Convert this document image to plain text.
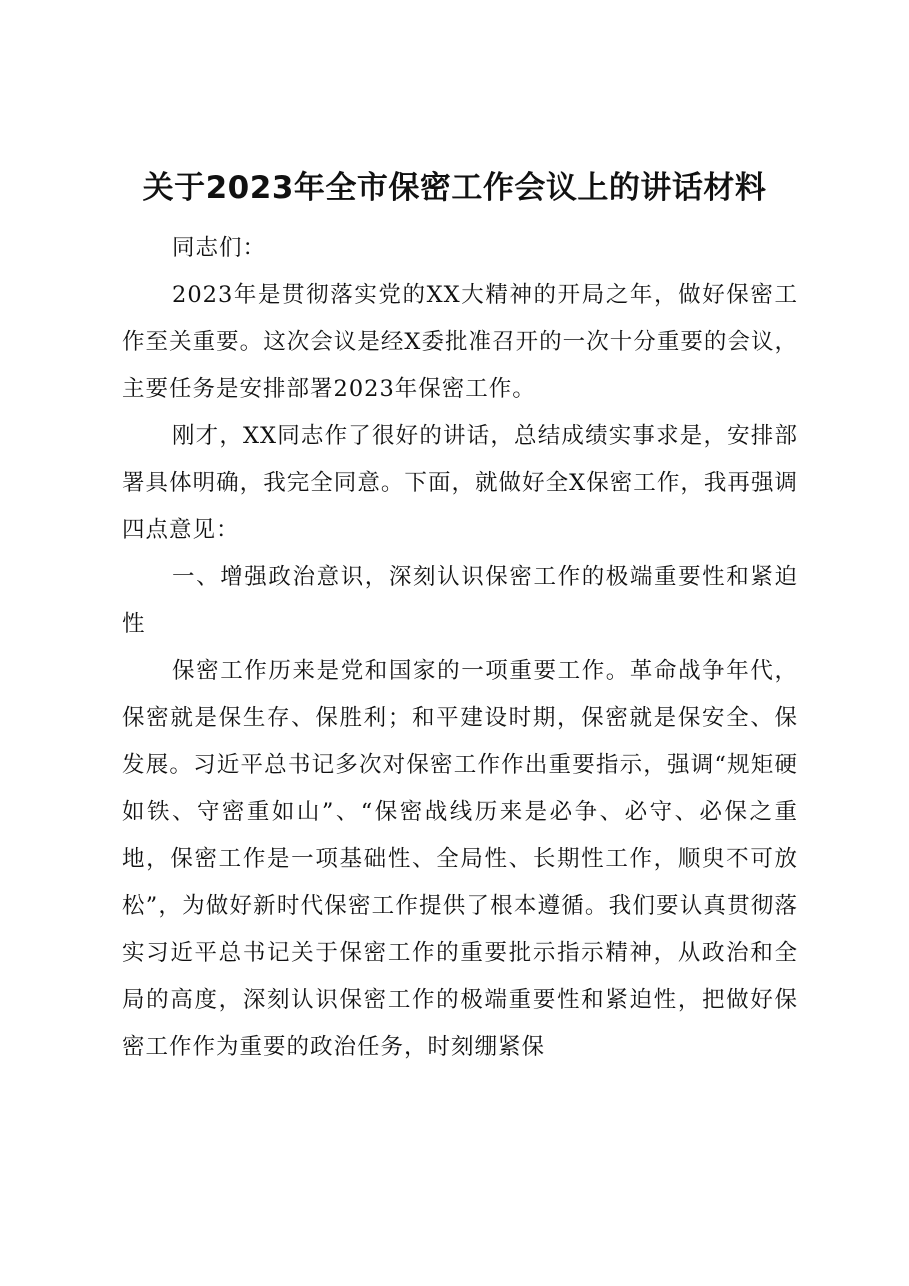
关于2023年全市保密工作会议上的讲话材料

同志们：

2023年是贯彻落实党的XX大精神的开局之年，做好保密工作至关重要。这次会议是经X委批准召开的一次十分重要的会议，主要任务是安排部署2023年保密工作。

刚才，XX同志作了很好的讲话，总结成绩实事求是，安排部署具体明确，我完全同意。下面，就做好全X保密工作，我再强调四点意见：

一、增强政治意识，深刻认识保密工作的极端重要性和紧迫性

保密工作历来是党和国家的一项重要工作。革命战争年代，保密就是保生存、保胜利；和平建设时期，保密就是保安全、保发展。习近平总书记多次对保密工作作出重要指示，强调“规矩硬如铁、守密重如山”、“保密战线历来是必争、必守、必保之重地，保密工作是一项基础性、全局性、长期性工作，顺臾不可放松”，为做好新时代保密工作提供了根本遵循。我们要认真贯彻落实习近平总书记关于保密工作的重要批示指示精神，从政治和全局的高度，深刻认识保密工作的极端重要性和紧迫性，把做好保密工作作为重要的政治任务，时刻绷紧保
